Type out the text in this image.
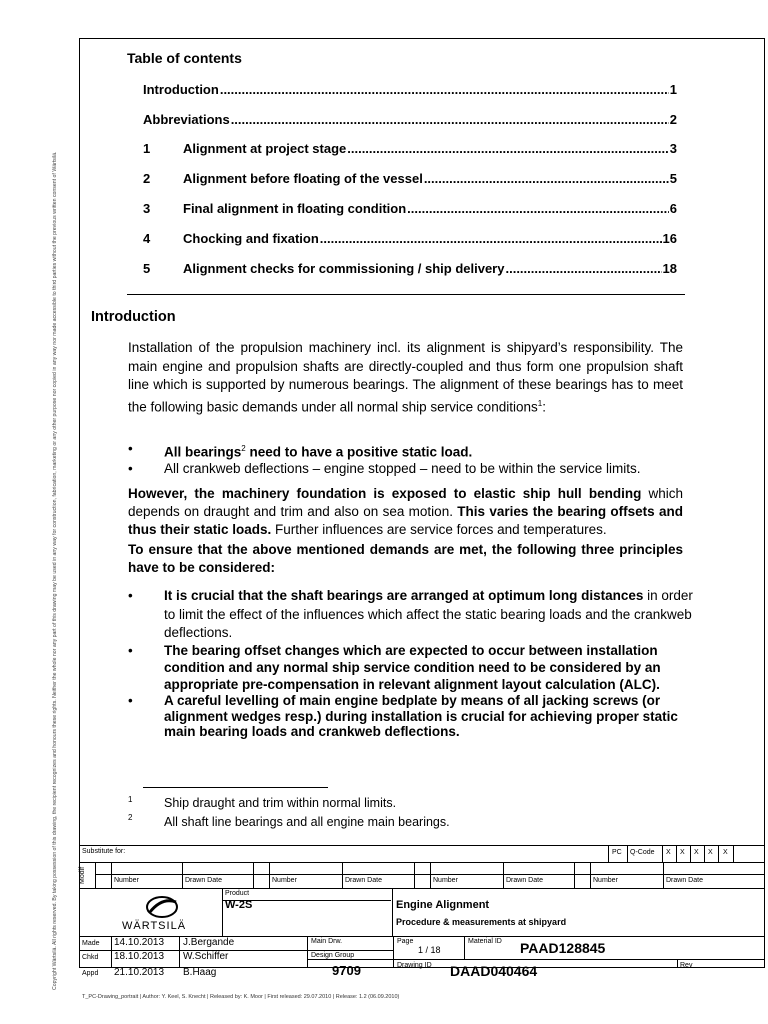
Copyright Wärtsilä. All rights reserved. By taking possession of this drawing, the recipient recognizes and honours these rights. Neither the whole nor any part of this drawing may be used in any way for construction, fabrication, marketing or any other purpose nor copied in any way nor made accessible to third parties without the previous written consent of Wärtsilä.
Table of contents
Introduction .....	1
Abbreviations .....	2
1	Alignment at project stage .....	3
2	Alignment before floating of the vessel .....	5
3	Final alignment in floating condition .....	6
4	Chocking and fixation .....	16
5	Alignment checks for commissioning / ship delivery .....	18
Introduction
Installation of the propulsion machinery incl. its alignment is shipyard’s responsibility. The main engine and propulsion shafts are directly-coupled and thus form one propulsion shaft line which is supported by numerous bearings. The alignment of these bearings has to meet the following basic demands under all normal ship service conditions$^1$:
• All bearings$^2$ need to have a positive static load.
• All crankweb deflections – engine stopped – need to be within the service limits.
However, the machinery foundation is exposed to elastic ship hull bending which depends on draught and trim and also on sea motion. This varies the bearing offsets and thus their static loads. Further influences are service forces and temperatures.
To ensure that the above mentioned demands are met, the following three principles have to be considered:
• It is crucial that the shaft bearings are arranged at optimum long distances in order to limit the effect of the influences which affect the static bearing loads and the crankweb deflections.
• The bearing offset changes which are expected to occur between installation condition and any normal ship service condition need to be considered by an appropriate pre-compensation in relevant alignment layout calculation (ALC).
• A careful levelling of main engine bedplate by means of all jacking screws (or alignment wedges resp.) during installation is crucial for achieving proper static main bearing loads and crankweb deflections.
1	Ship draught and trim within normal limits.
2	All shaft line bearings and all engine main bearings.
Substitute for:	PC Q-Code X X X X X
Modif	Number	Drawn Date	Number	Drawn Date	Number	Drawn Date	Number	Drawn Date
WÄRTSILÄ
Product
W-2S	Engine Alignment
Procedure & measurements at shipyard
Made 14.10.2013 J.Bergande
Chkd 18.10.2013 W.Schiffer
Appd 21.10.2013 B.Haag
Main Drw.
Design Group
9709
Page
1 / 18
Material ID PAAD128845
Drawing ID DAAD040464	Rev
T_PC-Drawing_portrait | Author: Y. Keel, S. Knecht | Released by: K. Moor | First released: 29.07.2010 | Release: 1.2 (06.09.2010)
